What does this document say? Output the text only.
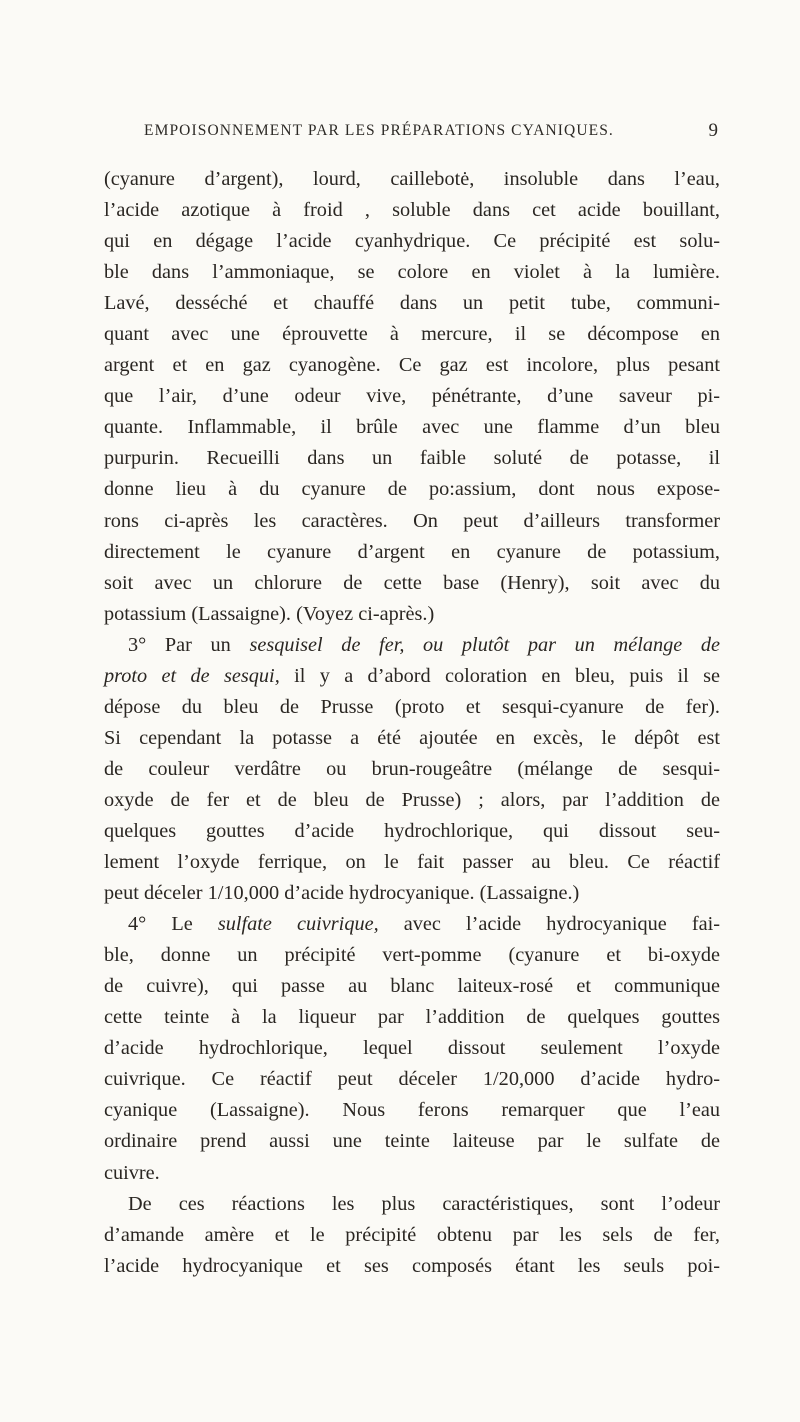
EMPOISONNEMENT PAR LES PRÉPARATIONS CYANIQUES.	9
(cyanure d’argent), lourd, caillebotė, insoluble dans l’eau,
l’acide azotique à froid , soluble dans cet acide bouillant,
qui en dégage l’acide cyanhydrique. Ce précipité est solu-
ble dans l’ammoniaque, se colore en violet à la lumière.
Lavé, desséché et chauffé dans un petit tube, communi-
quant avec une éprouvette à mercure, il se décompose en
argent et en gaz cyanogène. Ce gaz est incolore, plus pesant
que l’air, d’une odeur vive, pénétrante, d’une saveur pi-
quante. Inflammable, il brûle avec une flamme d’un bleu
purpurin. Recueilli dans un faible soluté de potasse, il
donne lieu à du cyanure de po:assium, dont nous expose-
rons ci-après les caractères. On peut d’ailleurs transformer
directement le cyanure d’argent en cyanure de potassium,
soit avec un chlorure de cette base (Henry), soit avec du
potassium (Lassaigne). (Voyez ci-après.)
3° Par un sesquisel de fer, ou plutôt par un mélange de
proto et de sesqui, il y a d’abord coloration en bleu, puis il se
dépose du bleu de Prusse (proto et sesqui-cyanure de fer).
Si cependant la potasse a été ajoutée en excès, le dépôt est
de couleur verdâtre ou brun-rougeâtre (mélange de sesqui-
oxyde de fer et de bleu de Prusse) ; alors, par l’addition de
quelques gouttes d’acide hydrochlorique, qui dissout seu-
lement l’oxyde ferrique, on le fait passer au bleu. Ce réactif
peut déceler 1/10,000 d’acide hydrocyanique. (Lassaigne.)
4° Le sulfate cuivrique, avec l’acide hydrocyanique fai-
ble, donne un précipité vert-pomme (cyanure et bi-oxyde
de cuivre), qui passe au blanc laiteux-rosé et communique
cette teinte à la liqueur par l’addition de quelques gouttes
d’acide hydrochlorique, lequel dissout seulement l’oxyde
cuivrique. Ce réactif peut déceler 1/20,000 d’acide hydro-
cyanique (Lassaigne). Nous ferons remarquer que l’eau
ordinaire prend aussi une teinte laiteuse par le sulfate de
cuivre.
De ces réactions les plus caractéristiques, sont l’odeur
d’amande amère et le précipité obtenu par les sels de fer,
l’acide hydrocyanique et ses composés étant les seuls poi-
